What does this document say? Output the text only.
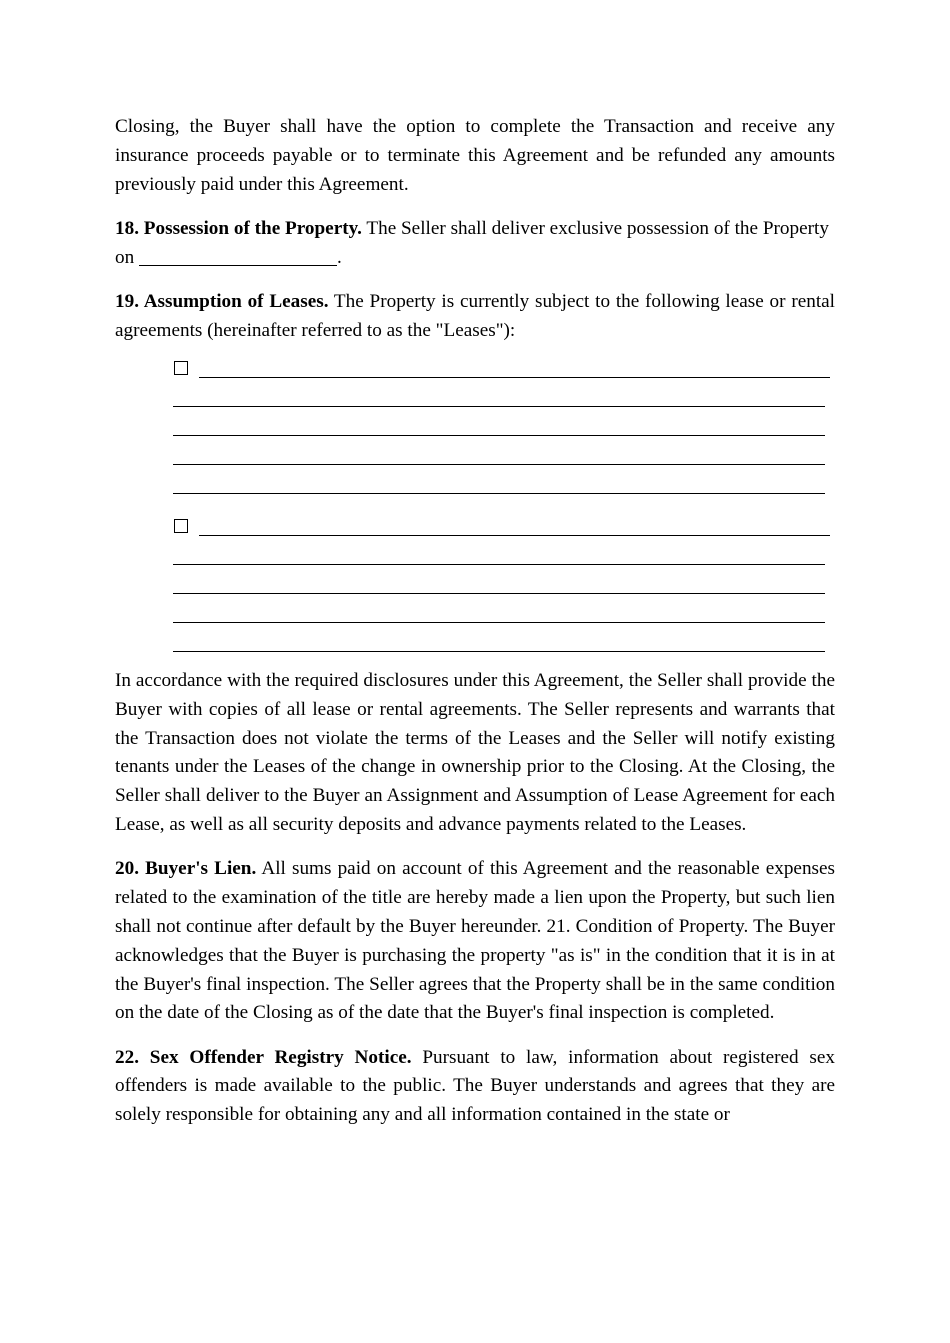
Closing, the Buyer shall have the option to complete the Transaction and receive any insurance proceeds payable or to terminate this Agreement and be refunded any amounts previously paid under this Agreement.

18. Possession of the Property. The Seller shall deliver exclusive possession of the Property on	.

19. Assumption of Leases. The Property is currently subject to the following lease or rental agreements (hereinafter referred to as the "Leases"):

In accordance with the required disclosures under this Agreement, the Seller shall provide the Buyer with copies of all lease or rental agreements. The Seller represents and warrants that the Transaction does not violate the terms of the Leases and the Seller will notify existing tenants under the Leases of the change in ownership prior to the Closing. At the Closing, the Seller shall deliver to the Buyer an Assignment and Assumption of Lease Agreement for each Lease, as well as all security deposits and advance payments related to the Leases.

20. Buyer's Lien. All sums paid on account of this Agreement and the reasonable expenses related to the examination of the title are hereby made a lien upon the Property, but such lien shall not continue after default by the Buyer hereunder. 21. Condition of Property. The Buyer acknowledges that the Buyer is purchasing the property "as is" in the condition that it is in at the Buyer's final inspection. The Seller agrees that the Property shall be in the same condition on the date of the Closing as of the date that the Buyer's final inspection is completed.

22. Sex Offender Registry Notice. Pursuant to law, information about registered sex offenders is made available to the public. The Buyer understands and agrees that they are solely responsible for obtaining any and all information contained in the state or
